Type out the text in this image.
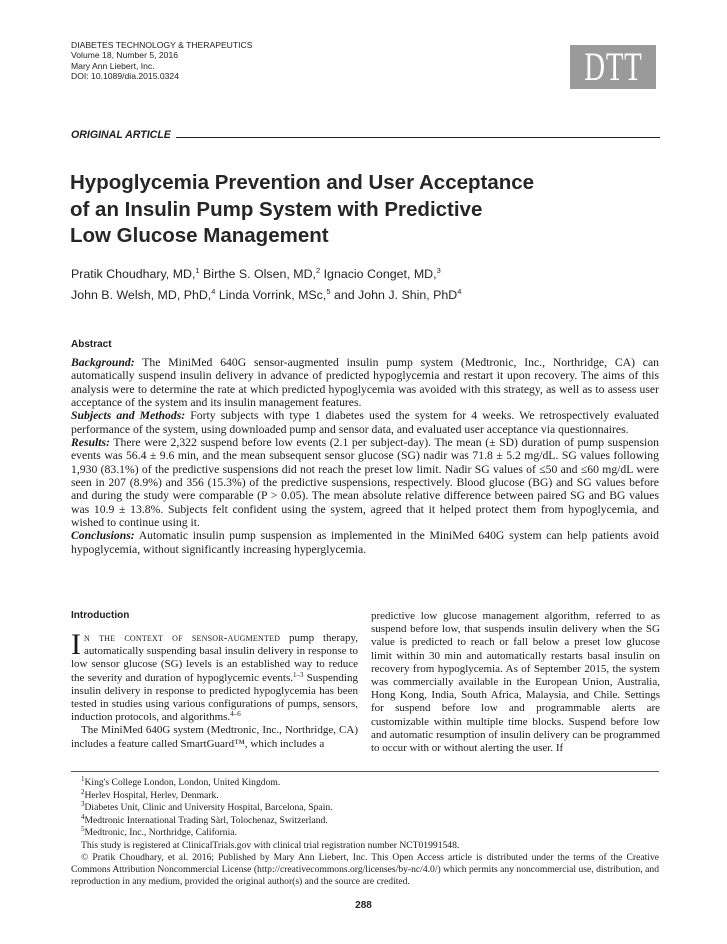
DIABETES TECHNOLOGY & THERAPEUTICS
Volume 18, Number 5, 2016
Mary Ann Liebert, Inc.
DOI: 10.1089/dia.2015.0324	DTT
ORIGINAL ARTICLE
Hypoglycemia Prevention and User Acceptance
of an Insulin Pump System with Predictive
Low Glucose Management
Pratik Choudhary, MD,$^1$ Birthe S. Olsen, MD,$^2$ Ignacio Conget, MD,$^3$
John B. Welsh, MD, PhD,$^4$ Linda Vorrink, MSc,$^5$ and John J. Shin, PhD$^4$
Abstract

Background: The MiniMed 640G sensor-augmented insulin pump system (Medtronic, Inc., Northridge, CA) can automatically suspend insulin delivery in advance of predicted hypoglycemia and restart it upon recovery. The aims of this analysis were to determine the rate at which predicted hypoglycemia was avoided with this strategy, as well as to assess user acceptance of the system and its insulin management features.

Subjects and Methods: Forty subjects with type 1 diabetes used the system for 4 weeks. We retrospectively evaluated performance of the system, using downloaded pump and sensor data, and evaluated user acceptance via questionnaires.

Results: There were 2,322 suspend before low events (2.1 per subject-day). The mean (± SD) duration of pump suspension events was 56.4 ± 9.6 min, and the mean subsequent sensor glucose (SG) nadir was 71.8 ± 5.2 mg/dL. SG values following 1,930 (83.1%) of the predictive suspensions did not reach the preset low limit. Nadir SG values of ≤50 and ≤60 mg/dL were seen in 207 (8.9%) and 356 (15.3%) of the predictive suspensions, respectively. Blood glucose (BG) and SG values before and during the study were comparable (P > 0.05). The mean absolute relative difference between paired SG and BG values was 10.9 ± 13.8%. Subjects felt confident using the system, agreed that it helped protect them from hypoglycemia, and wished to continue using it.

Conclusions: Automatic insulin pump suspension as implemented in the MiniMed 640G system can help patients avoid hypoglycemia, without significantly increasing hyperglycemia.

Introduction

In the context of sensor-augmented pump therapy, automatically suspending basal insulin delivery in response to low sensor glucose (SG) levels is an established way to reduce the severity and duration of hypoglycemic events.$^{1-3}$ Suspending insulin delivery in response to predicted hypoglycemia has been tested in studies using various configurations of pumps, sensors, induction protocols, and algorithms.$^{4-6}$

The MiniMed 640G system (Medtronic, Inc., Northridge, CA) includes a feature called SmartGuard™, which includes a

predictive low glucose management algorithm, referred to as suspend before low, that suspends insulin delivery when the SG value is predicted to reach or fall below a preset low glucose limit within 30 min and automatically restarts basal insulin on recovery from hypoglycemia. As of September 2015, the system was commercially available in the European Union, Australia, Hong Kong, India, South Africa, Malaysia, and Chile. Settings for suspend before low and programmable alerts are customizable within multiple time blocks. Suspend before low and automatic resumption of insulin delivery can be programmed to occur with or without alerting the user. If

$^1$King's College London, London, United Kingdom.
$^2$Herlev Hospital, Herlev, Denmark.
$^3$Diabetes Unit, Clinic and University Hospital, Barcelona, Spain.
$^4$Medtronic International Trading Sàrl, Tolochenaz, Switzerland.
$^5$Medtronic, Inc., Northridge, California.
This study is registered at ClinicalTrials.gov with clinical trial registration number NCT01991548.

© Pratik Choudhary, et al. 2016; Published by Mary Ann Liebert, Inc. This Open Access article is distributed under the terms of the Creative Commons Attribution Noncommercial License (http://creativecommons.org/licenses/by-nc/4.0/) which permits any noncommercial use, distribution, and reproduction in any medium, provided the original author(s) and the source are credited.

288
